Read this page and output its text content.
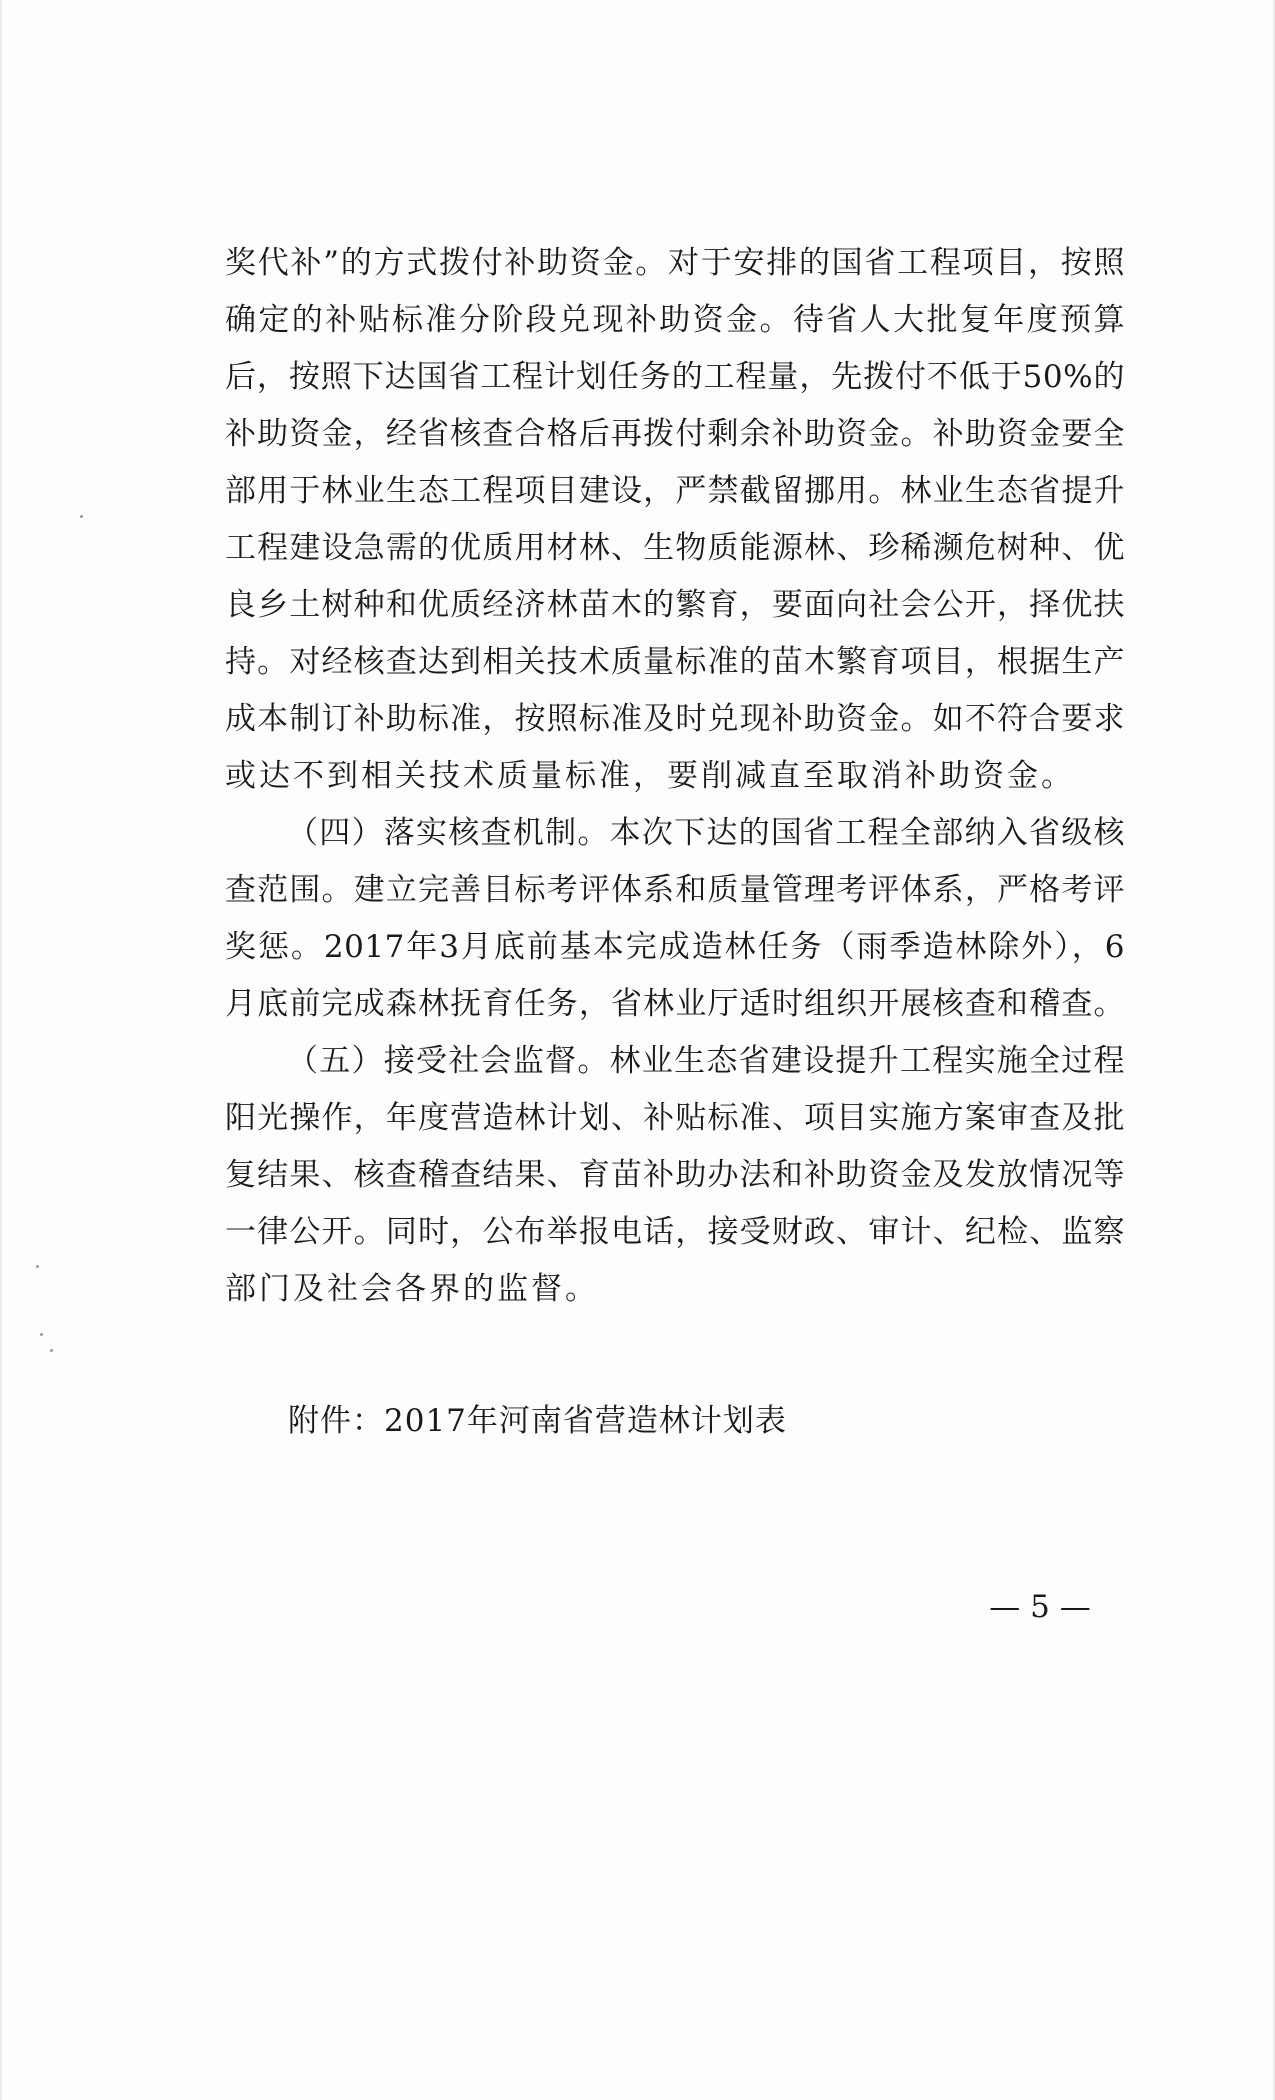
奖代补”的方式拨付补助资金。对于安排的国省工程项目，按照
确定的补贴标准分阶段兑现补助资金。待省人大批复年度预算
后，按照下达国省工程计划任务的工程量，先拨付不低于50%的
补助资金，经省核查合格后再拨付剩余补助资金。补助资金要全
部用于林业生态工程项目建设，严禁截留挪用。林业生态省提升
工程建设急需的优质用材林、生物质能源林、珍稀濒危树种、优
良乡土树种和优质经济林苗木的繁育，要面向社会公开，择优扶
持。对经核查达到相关技术质量标准的苗木繁育项目，根据生产
成本制订补助标准，按照标准及时兑现补助资金。如不符合要求
或达不到相关技术质量标准，要削减直至取消补助资金。
（四）落实核查机制。本次下达的国省工程全部纳入省级核
查范围。建立完善目标考评体系和质量管理考评体系，严格考评
奖惩。2017年3月底前基本完成造林任务（雨季造林除外），6
月底前完成森林抚育任务，省林业厅适时组织开展核查和稽查。
（五）接受社会监督。林业生态省建设提升工程实施全过程
阳光操作，年度营造林计划、补贴标准、项目实施方案审查及批
复结果、核查稽查结果、育苗补助办法和补助资金及发放情况等
一律公开。同时，公布举报电话，接受财政、审计、纪检、监察
部门及社会各界的监督。
附件：2017年河南省营造林计划表
— 5 —
